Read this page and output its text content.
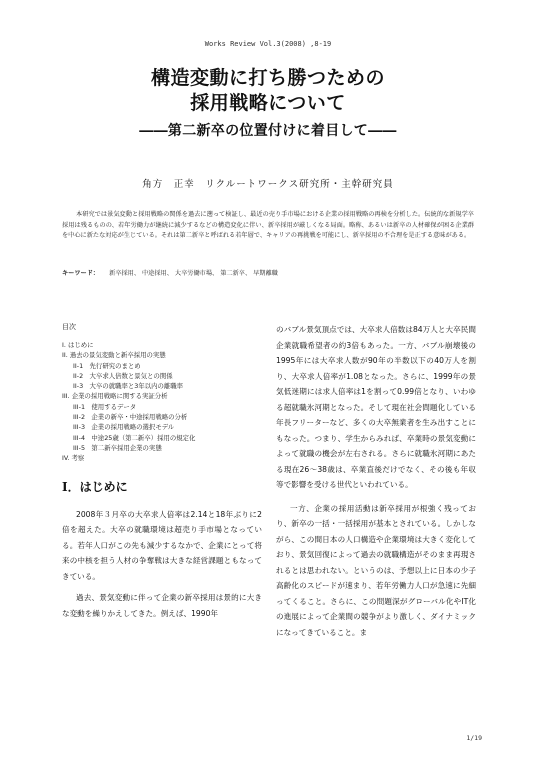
Works Review Vol.3(2008) ,8-19
構造変動に打ち勝つための
採用戦略について
――第二新卒の位置付けに着目して――
角方　正幸　リクルートワークス研究所・主幹研究員
本研究では景気変動と採用戦略の関係を過去に遡って検証し、最近の売り手市場における企業の採用戦略の再検を分析した。伝統的な新規学卒採用は残るものの、若年労働力が継続に減少するなどの構造変化に伴い、新卒採用が厳しくなる局面。略称、あるいは新卒の人材確保が困る企業群を中心に新たな対応が生じている。それは第二新卒と呼ばれる若年層で、キャリアの再挑戦を可能にし、新卒採用の不合理を是正する意味がある。
キーワード： 新卒採用、 中途採用、 大卒労働市場、 第二新卒、 早期離職
目次
I. はじめに
II. 過去の景気変動と新卒採用の実態
II-1　先行研究のまとめ
II-2　大卒求人倍数と景気との関係
II-3　大卒の就職率と3年以内の離職率
III. 企業の採用戦略に関する実証分析
III-1　使用するデータ
III-2　企業の新卒・中途採用戦略の分析
III-3　企業の採用戦略の選択モデル
III-4　中途25歳（第二新卒）採用の規定化
III-5　第二新卒採用企業の実態
IV. 考察
I．はじめに

2008年３月卒の大卒求人倍率は2.14と18年ぶりに2倍を超えた。大卒の就職環境は超売り手市場となっている。若年人口がこの先も減少するなかで、企業にとって将来の中核を担う人材の争奪戦は大きな経営課題ともなってきている。

過去、景気変動に伴って企業の新卒採用は景的に大きな変動を繰りかえしてきた。例えば、1990年

のバブル景気頂点では、大卒求人倍数は84万人と大卒民間企業就職希望者の約3倍もあった。一方、バブル崩壊後の1995年には大卒求人数が90年の半数以下の40万人を割り、大卒求人倍率が1.08となった。さらに、1999年の景気低迷期には求人倍率は1を割って0.99倍となり、いわゆる超就職氷河期となった。そして現在社会問題化している年長フリーターなど、多くの大卒無業者を生み出すことにもなった。つまり、学生からみれば、卒業時の景気変動によって就職の機会が左右される。さらに就職氷河期にあたる現在26～38歳は、卒業直後だけでなく、その後も年収等で影響を受ける世代といわれている。

一方、企業の採用活動は新卒採用が根強く残っており、新卒の一括・一括採用が基本とされている。しかしながら、この間日本の人口構造や企業環境は大きく変化しており、景気回復によって過去の就職構造がそのまま再現されるとは思われない。というのは、予想以上に日本の少子高齢化のスピードが速まり、若年労働力人口が急速に先細ってくること。さらに、この問題深がグローバル化やIT化の進展によって企業間の競争がより激しく、ダイナミックになってきていること。ま

1/19
